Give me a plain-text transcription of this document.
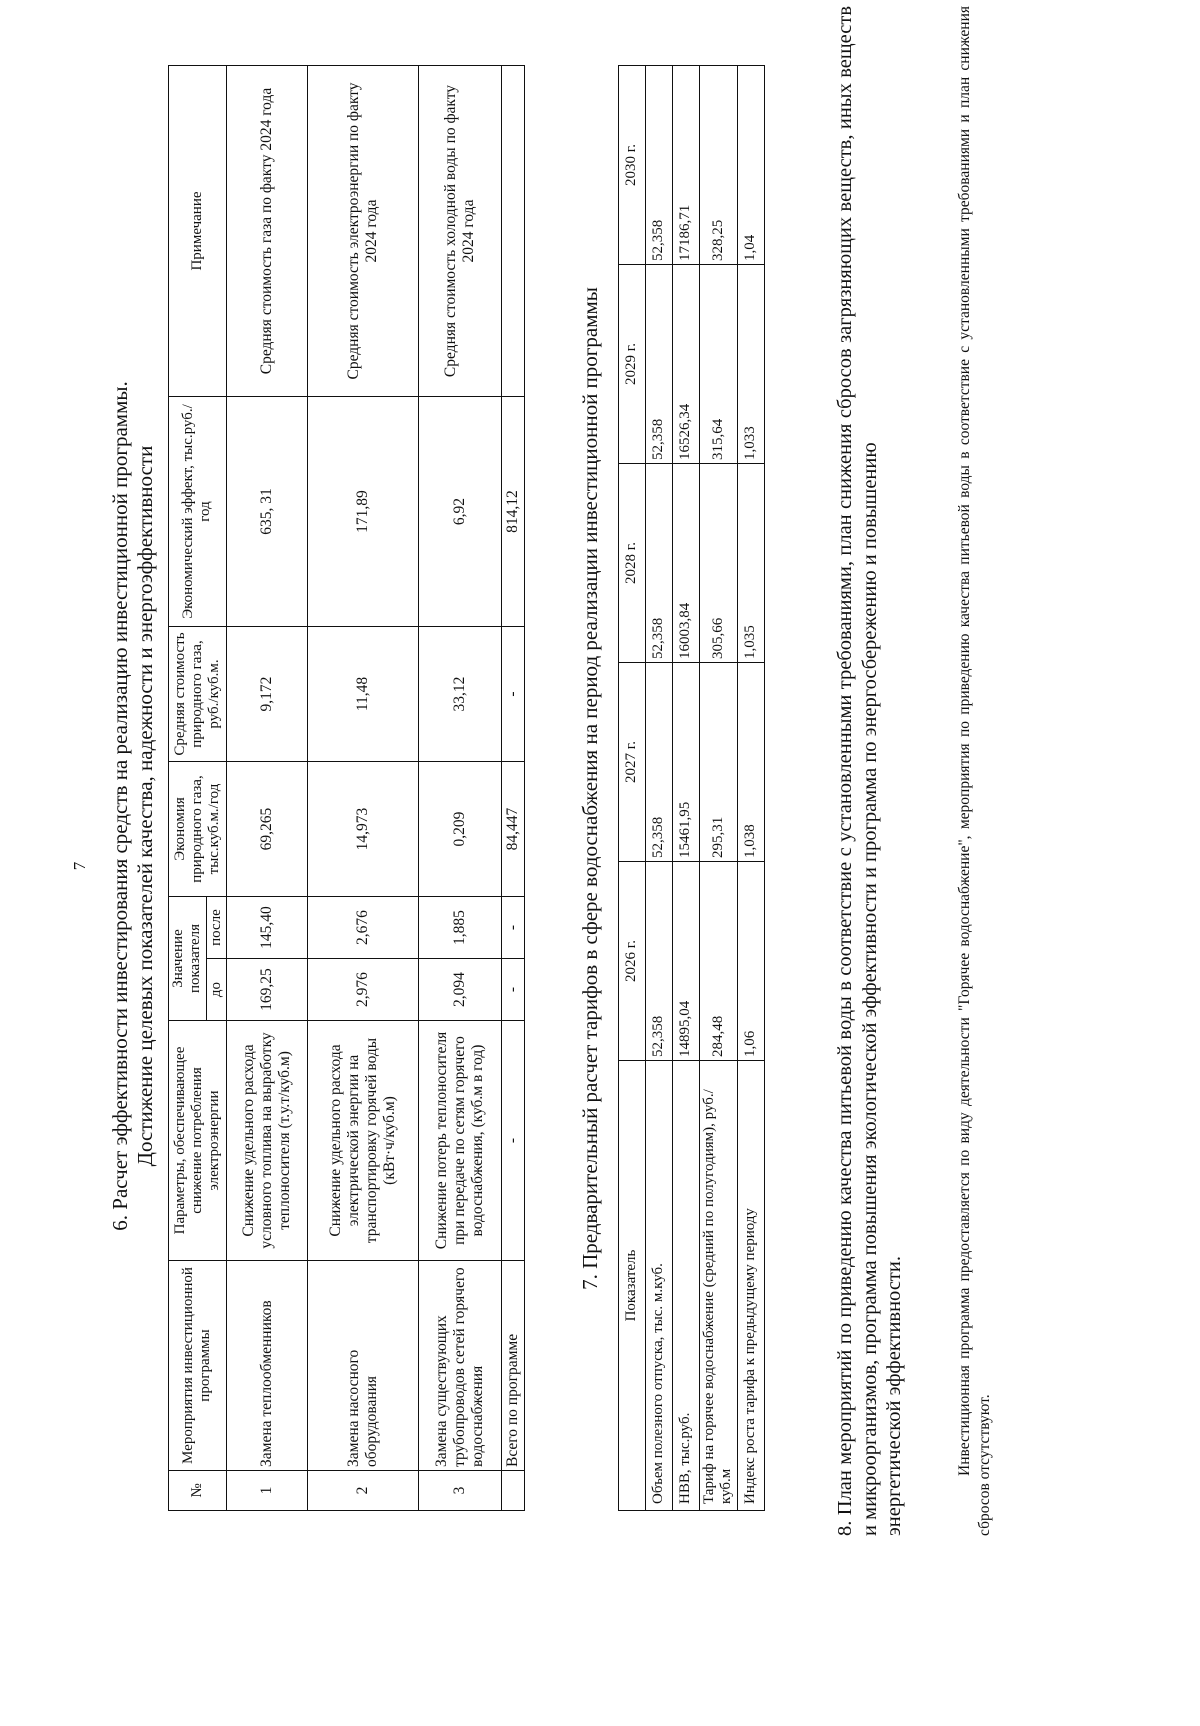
7 6. Расчет эффективности инвестирования средств на реализацию инвестиционной программы. Достижение целевых показателей качества, надежности и энергоэффективности
№	Мероприятия инвестиционной программы	Параметры, обеспечивающее снижение потребления электроэнергии	Значение показателя		Экономия природного газа, тыс.куб.м./год	Средняя стоимость природного газа, руб./куб.м.	Экономический эффект, тыс.руб./год	Примечание
			до	после				
1	Замена теплообменников	Снижение удельного расхода условного топлива на выработку теплоносителя (т.у.т/куб.м)	169,25	145,40	69,265	9,172	635, 31	Средняя стоимость газа по факту 2024 года
2	Замена насосного оборудования	Снижение удельного расхода электрической энергии на транспортировку горячей воды (кВт·ч/куб.м)	2,976	2,676	14,973	11,48	171,89	Средняя стоимость электроэнергии по факту 2024 года
3	Замена существующих трубопроводов сетей горячего водоснабжения	Снижение потерь теплоносителя при передаче по сетям горячего водоснабжения, (куб.м в год)	2,094	1,885	0,209	33,12	6,92	Средняя стоимость холодной воды по факту 2024 года
	Всего по программе	-	-	-	84,447	-	814,12		7. Предварительный расчет тарифов в сфере водоснабжения на период реализации инвестиционной программы Показатель	2026 г.	2027 г.	2028 г.	2029 г.	2030 г.
Объем полезного отпуска, тыс. м.куб.	52,358	52,358	52,358	52,358	52,358
НВВ, тыс.руб.	14895,04	15461,95	16003,84	16526,34	17186,71
Тариф на горячее водоснабжение (средний по полугодиям), руб./куб.м	284,48	295,31	305,66	315,64	328,25
Индекс роста тарифа к предыдущему периоду	1,06	1,038	1,035	1,033	1,04	8. План мероприятий по приведению качества питьевой воды в соответствие с установленными требованиями, план снижения сбросов загрязняющих веществ, иных веществ и микроорганизмов, программа повышения экологической эффективности и программа по энергосбережению и повышению энергетической эффективности.	Инвестиционная программа предоставляется по виду деятельности "Горячее водоснабжение", мероприятия по приведению качества питьевой воды в соответствие с установленными требованиями и план снижения сбросов отсутствуют.
